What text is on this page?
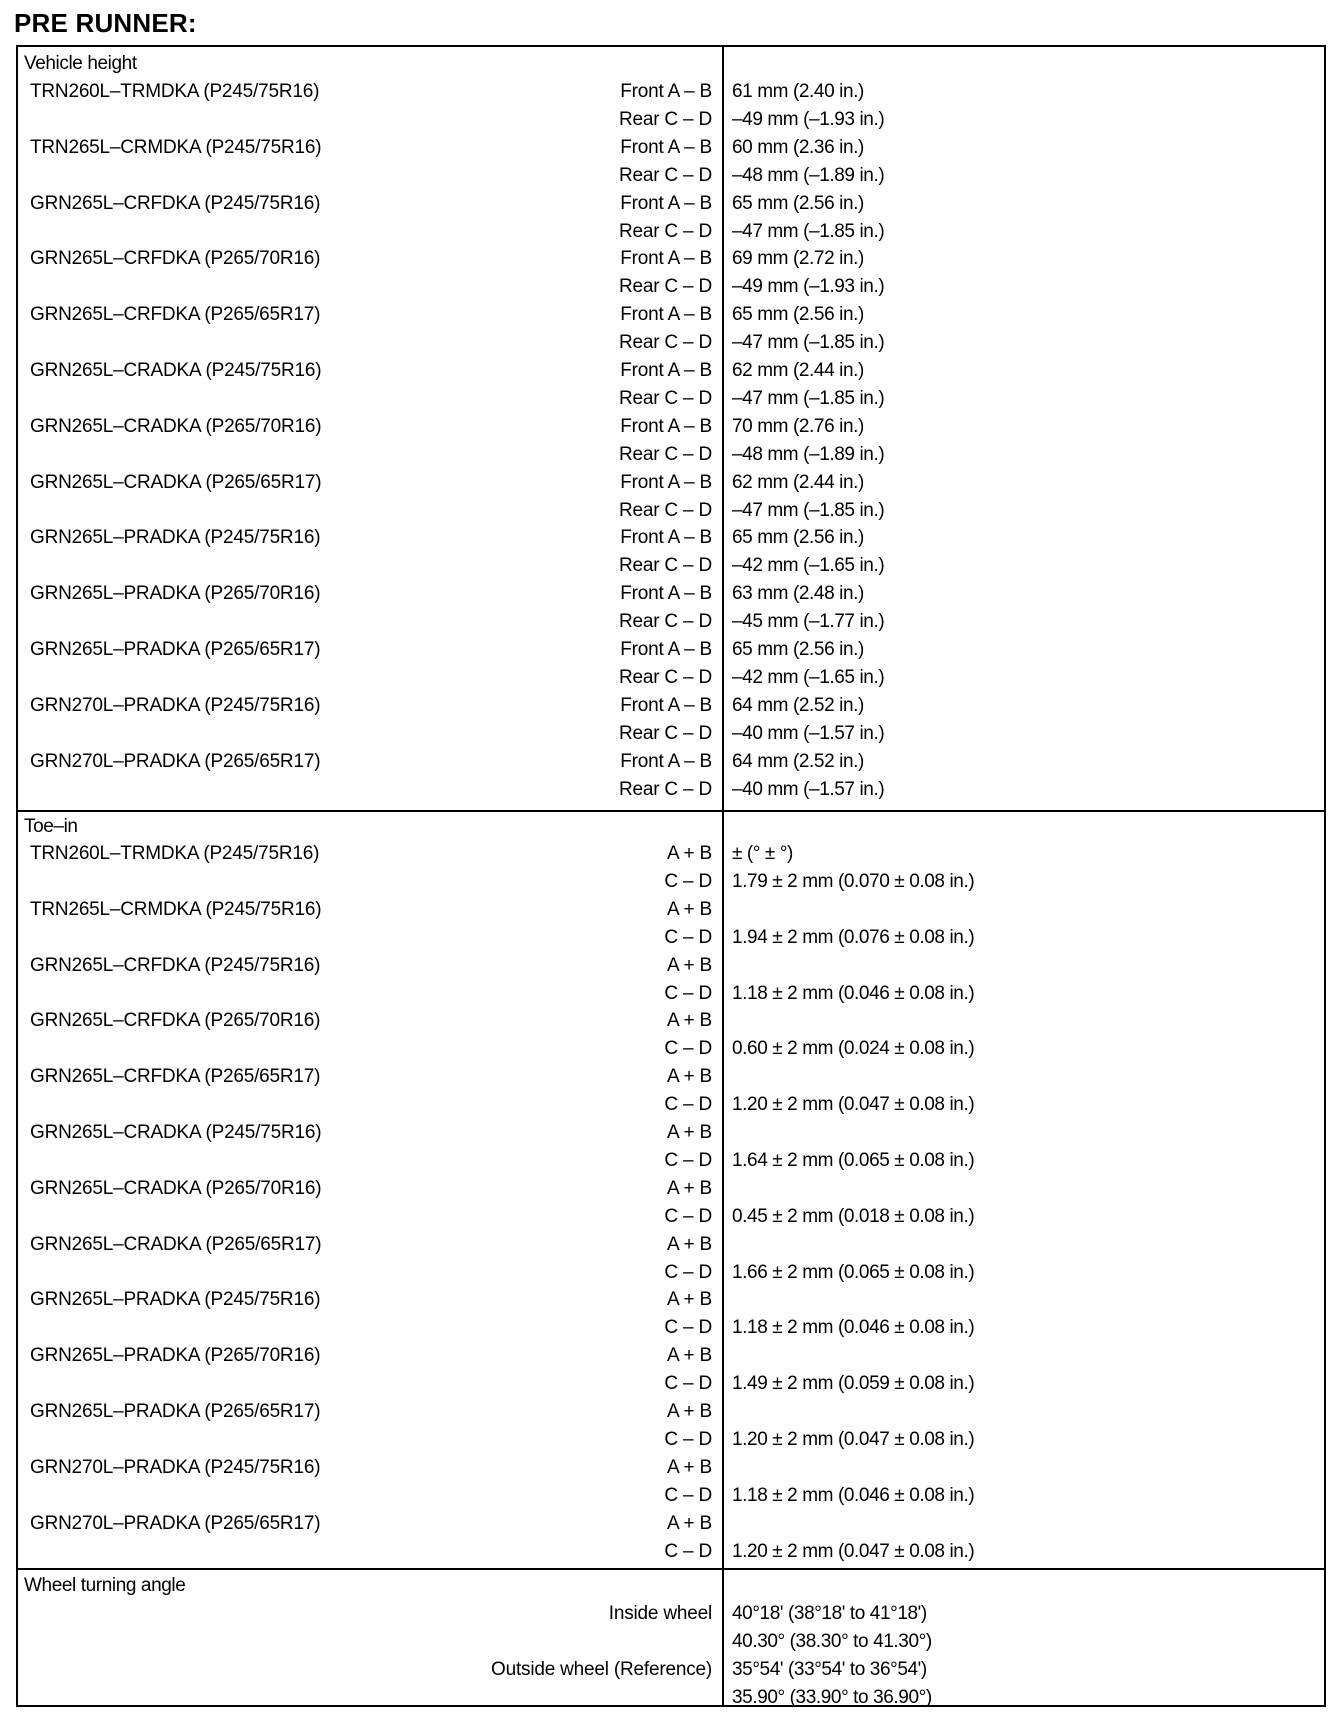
PRE RUNNER:
Vehicle height
TRN260L–TRMDKA (P245/75R16)	Front A – B 61 mm (2.40 in.)
Rear C – D –49 mm (–1.93 in.)
TRN265L–CRMDKA (P245/75R16)	Front A – B 60 mm (2.36 in.)
Rear C – D –48 mm (–1.89 in.)
GRN265L–CRFDKA (P245/75R16)	Front A – B 65 mm (2.56 in.)
Rear C – D –47 mm (–1.85 in.)
GRN265L–CRFDKA (P265/70R16)	Front A – B 69 mm (2.72 in.)
Rear C – D –49 mm (–1.93 in.)
GRN265L–CRFDKA (P265/65R17)	Front A – B 65 mm (2.56 in.)
Rear C – D –47 mm (–1.85 in.)
GRN265L–CRADKA (P245/75R16)	Front A – B 62 mm (2.44 in.)
Rear C – D –47 mm (–1.85 in.)
GRN265L–CRADKA (P265/70R16)	Front A – B 70 mm (2.76 in.)
Rear C – D –48 mm (–1.89 in.)
GRN265L–CRADKA (P265/65R17)	Front A – B 62 mm (2.44 in.)
Rear C – D –47 mm (–1.85 in.)
GRN265L–PRADKA (P245/75R16)	Front A – B 65 mm (2.56 in.)
Rear C – D –42 mm (–1.65 in.)
GRN265L–PRADKA (P265/70R16)	Front A – B 63 mm (2.48 in.)
Rear C – D –45 mm (–1.77 in.)
GRN265L–PRADKA (P265/65R17)	Front A – B 65 mm (2.56 in.)
Rear C – D –42 mm (–1.65 in.)
GRN270L–PRADKA (P245/75R16)	Front A – B 64 mm (2.52 in.)
Rear C – D –40 mm (–1.57 in.)
GRN270L–PRADKA (P265/65R17)	Front A – B 64 mm (2.52 in.)
Rear C – D –40 mm (–1.57 in.)
Toe–in
TRN260L–TRMDKA (P245/75R16)	A + B ± (° ± °)
C – D 1.79 ± 2 mm (0.070 ± 0.08 in.)
TRN265L–CRMDKA (P245/75R16)	A + B
C – D 1.94 ± 2 mm (0.076 ± 0.08 in.)
GRN265L–CRFDKA (P245/75R16)	A + B
C – D 1.18 ± 2 mm (0.046 ± 0.08 in.)
GRN265L–CRFDKA (P265/70R16)	A + B
C – D 0.60 ± 2 mm (0.024 ± 0.08 in.)
GRN265L–CRFDKA (P265/65R17)	A + B
C – D 1.20 ± 2 mm (0.047 ± 0.08 in.)
GRN265L–CRADKA (P245/75R16)	A + B
C – D 1.64 ± 2 mm (0.065 ± 0.08 in.)
GRN265L–CRADKA (P265/70R16)	A + B
C – D 0.45 ± 2 mm (0.018 ± 0.08 in.)
GRN265L–CRADKA (P265/65R17)	A + B
C – D 1.66 ± 2 mm (0.065 ± 0.08 in.)
GRN265L–PRADKA (P245/75R16)	A + B
C – D 1.18 ± 2 mm (0.046 ± 0.08 in.)
GRN265L–PRADKA (P265/70R16)	A + B
C – D 1.49 ± 2 mm (0.059 ± 0.08 in.)
GRN265L–PRADKA (P265/65R17)	A + B
C – D 1.20 ± 2 mm (0.047 ± 0.08 in.)
GRN270L–PRADKA (P245/75R16)	A + B
C – D 1.18 ± 2 mm (0.046 ± 0.08 in.)
GRN270L–PRADKA (P265/65R17)	A + B
C – D 1.20 ± 2 mm (0.047 ± 0.08 in.)
Wheel turning angle
Inside wheel 40°18' (38°18' to 41°18')
40.30° (38.30° to 41.30°)
Outside wheel (Reference) 35°54' (33°54' to 36°54')
35.90° (33.90° to 36.90°)
